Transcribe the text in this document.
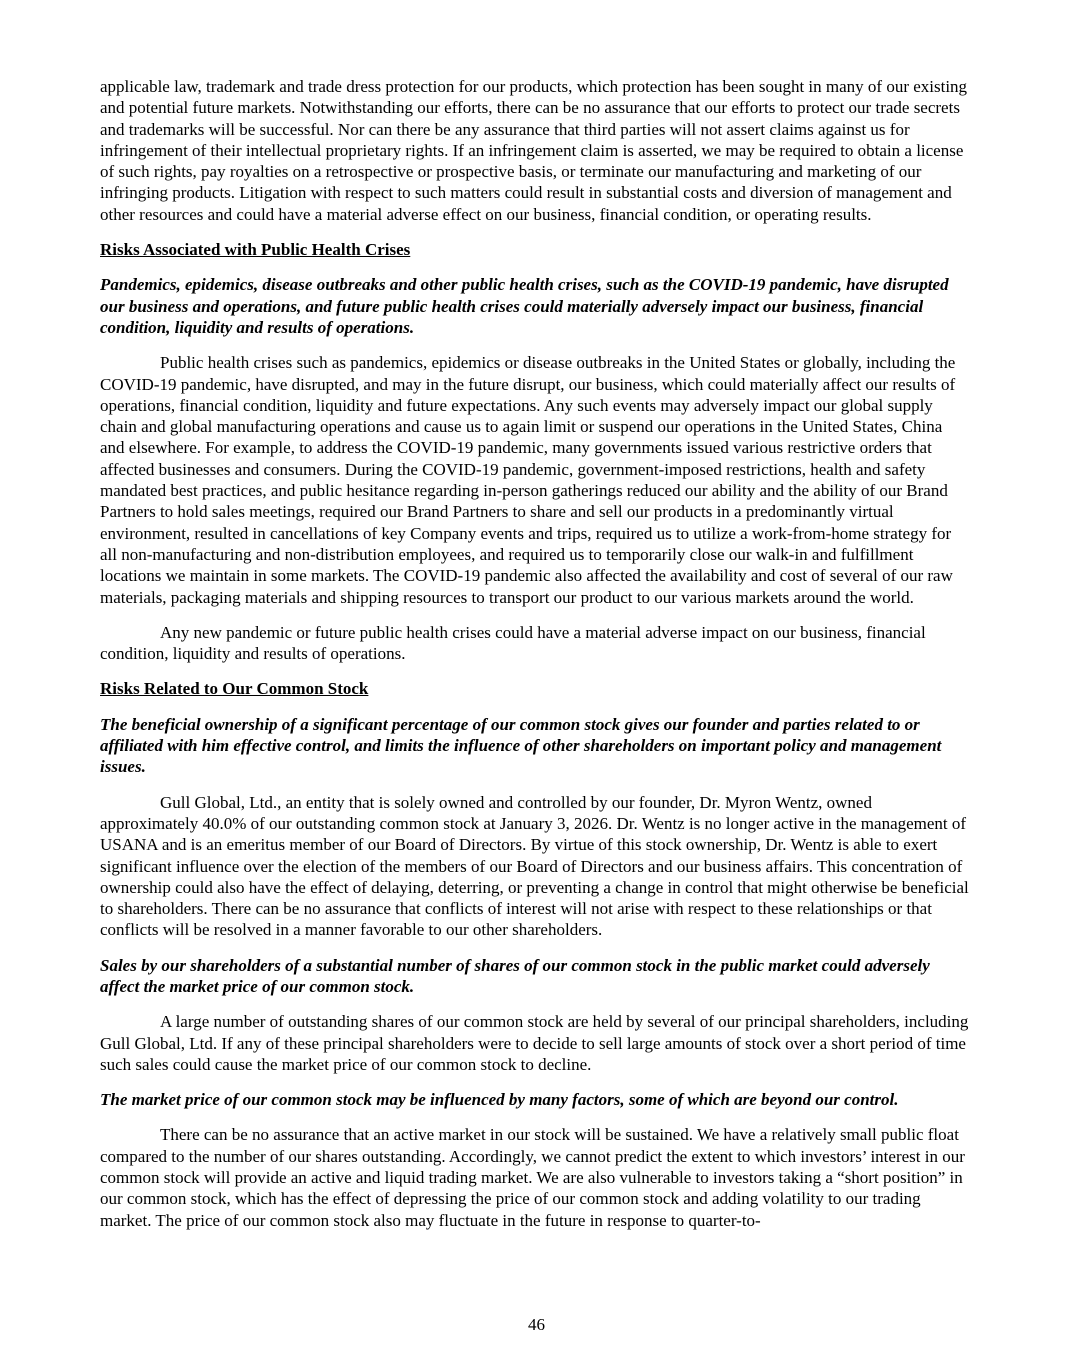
applicable law, trademark and trade dress protection for our products, which protection has been sought in many of our existing and potential future markets. Notwithstanding our efforts, there can be no assurance that our efforts to protect our trade secrets and trademarks will be successful. Nor can there be any assurance that third parties will not assert claims against us for infringement of their intellectual proprietary rights. If an infringement claim is asserted, we may be required to obtain a license of such rights, pay royalties on a retrospective or prospective basis, or terminate our manufacturing and marketing of our infringing products. Litigation with respect to such matters could result in substantial costs and diversion of management and other resources and could have a material adverse effect on our business, financial condition, or operating results.

Risks Associated with Public Health Crises

Pandemics, epidemics, disease outbreaks and other public health crises, such as the COVID-19 pandemic, have disrupted our business and operations, and future public health crises could materially adversely impact our business, financial condition, liquidity and results of operations.

Public health crises such as pandemics, epidemics or disease outbreaks in the United States or globally, including the COVID-19 pandemic, have disrupted, and may in the future disrupt, our business, which could materially affect our results of operations, financial condition, liquidity and future expectations. Any such events may adversely impact our global supply chain and global manufacturing operations and cause us to again limit or suspend our operations in the United States, China and elsewhere. For example, to address the COVID-19 pandemic, many governments issued various restrictive orders that affected businesses and consumers. During the COVID-19 pandemic, government-imposed restrictions, health and safety mandated best practices, and public hesitance regarding in-person gatherings reduced our ability and the ability of our Brand Partners to hold sales meetings, required our Brand Partners to share and sell our products in a predominantly virtual environment, resulted in cancellations of key Company events and trips, required us to utilize a work-from-home strategy for all non-manufacturing and non-distribution employees, and required us to temporarily close our walk-in and fulfillment locations we maintain in some markets. The COVID-19 pandemic also affected the availability and cost of several of our raw materials, packaging materials and shipping resources to transport our product to our various markets around the world.

Any new pandemic or future public health crises could have a material adverse impact on our business, financial condition, liquidity and results of operations.

Risks Related to Our Common Stock

The beneficial ownership of a significant percentage of our common stock gives our founder and parties related to or affiliated with him effective control, and limits the influence of other shareholders on important policy and management issues.

Gull Global, Ltd., an entity that is solely owned and controlled by our founder, Dr. Myron Wentz, owned approximately 40.0% of our outstanding common stock at January 3, 2026. Dr. Wentz is no longer active in the management of USANA and is an emeritus member of our Board of Directors. By virtue of this stock ownership, Dr. Wentz is able to exert significant influence over the election of the members of our Board of Directors and our business affairs. This concentration of ownership could also have the effect of delaying, deterring, or preventing a change in control that might otherwise be beneficial to shareholders. There can be no assurance that conflicts of interest will not arise with respect to these relationships or that conflicts will be resolved in a manner favorable to our other shareholders.

Sales by our shareholders of a substantial number of shares of our common stock in the public market could adversely affect the market price of our common stock.

A large number of outstanding shares of our common stock are held by several of our principal shareholders, including Gull Global, Ltd. If any of these principal shareholders were to decide to sell large amounts of stock over a short period of time such sales could cause the market price of our common stock to decline.

The market price of our common stock may be influenced by many factors, some of which are beyond our control.

There can be no assurance that an active market in our stock will be sustained. We have a relatively small public float compared to the number of our shares outstanding. Accordingly, we cannot predict the extent to which investors’ interest in our common stock will provide an active and liquid trading market. We are also vulnerable to investors taking a “short position” in our common stock, which has the effect of depressing the price of our common stock and adding volatility to our trading market. The price of our common stock also may fluctuate in the future in response to quarter-to-

46
